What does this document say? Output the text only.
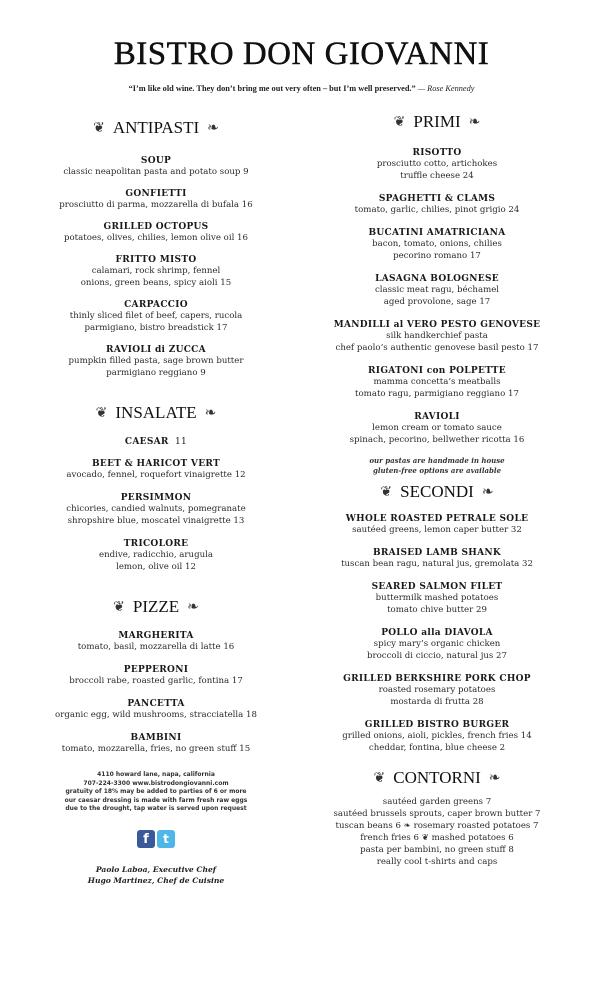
BISTRO DON GIOVANNI
“I’m like old wine. They don’t bring me out very often – but I’m well preserved.” — Rose Kennedy
❦ ANTIPASTI ❧
SOUP
classic neapolitan pasta and potato soup 9
GONFIETTI
prosciutto di parma, mozzarella di bufala 16
GRILLED OCTOPUS
potatoes, olives, chilies, lemon olive oil 16
FRITTO MISTO
calamari, rock shrimp, fennel
onions, green beans, spicy aioli 15
CARPACCIO
thinly sliced filet of beef, capers, rucola
parmigiano, bistro breadstick 17
RAVIOLI di ZUCCA
pumpkin filled pasta, sage brown butter
parmigiano reggiano 9
❦ INSALATE ❧
CAESAR  11
BEET & HARICOT VERT
avocado, fennel, roquefort vinaigrette 12
PERSIMMON
chicories, candied walnuts, pomegranate
shropshire blue, moscatel vinaigrette 13
TRICOLORE
endive, radicchio, arugula
lemon, olive oil 12
❦ PIZZE ❧
MARGHERITA
tomato, basil, mozzarella di latte 16
PEPPERONI
broccoli rabe, roasted garlic, fontina 17
PANCETTA
organic egg, wild mushrooms, stracciatella 18
BAMBINI
tomato, mozzarella, fries, no green stuff 15
4110 howard lane, napa, california
707-224-3300 www.bistrodongiovanni.com
gratuity of 18% may be added to parties of 6 or more
our caesar dressing is made with farm fresh raw eggs
due to the drought, tap water is served upon request
f	t
Paolo Laboa, Executive Chef
Hugo Martinez, Chef de Cuisine
❦ PRIMI ❧
RISOTTO
prosciutto cotto, artichokes
truffle cheese 24
SPAGHETTI & CLAMS
tomato, garlic, chilies, pinot grigio 24
BUCATINI AMATRICIANA
bacon, tomato, onions, chilies
pecorino romano 17
LASAGNA BOLOGNESE
classic meat ragu, béchamel
aged provolone, sage 17
MANDILLI al VERO PESTO GENOVESE
silk handkerchief pasta
chef paolo’s authentic genovese basil pesto 17
RIGATONI con POLPETTE
mamma concetta’s meatballs
tomato ragu, parmigiano reggiano 17
RAVIOLI
lemon cream or tomato sauce
spinach, pecorino, bellwether ricotta 16
our pastas are handmade in house
gluten-free options are available
❦ SECONDI ❧
WHOLE ROASTED PETRALE SOLE
sautéed greens, lemon caper butter 32
BRAISED LAMB SHANK
tuscan bean ragu, natural jus, gremolata 32
SEARED SALMON FILET
buttermilk mashed potatoes
tomato chive butter 29
POLLO alla DIAVOLA
spicy mary’s organic chicken
broccoli di ciccio, natural jus 27
GRILLED BERKSHIRE PORK CHOP
roasted rosemary potatoes
mostarda di frutta 28
GRILLED BISTRO BURGER
grilled onions, aioli, pickles, french fries 14
cheddar, fontina, blue cheese 2
❦ CONTORNI ❧
sautéed garden greens 7
sautéed brussels sprouts, caper brown butter 7
tuscan beans 6 ❧ rosemary roasted potatoes 7
french fries 6 ❦ mashed potatoes 6
pasta per bambini, no green stuff 8
really cool t-shirts and caps
